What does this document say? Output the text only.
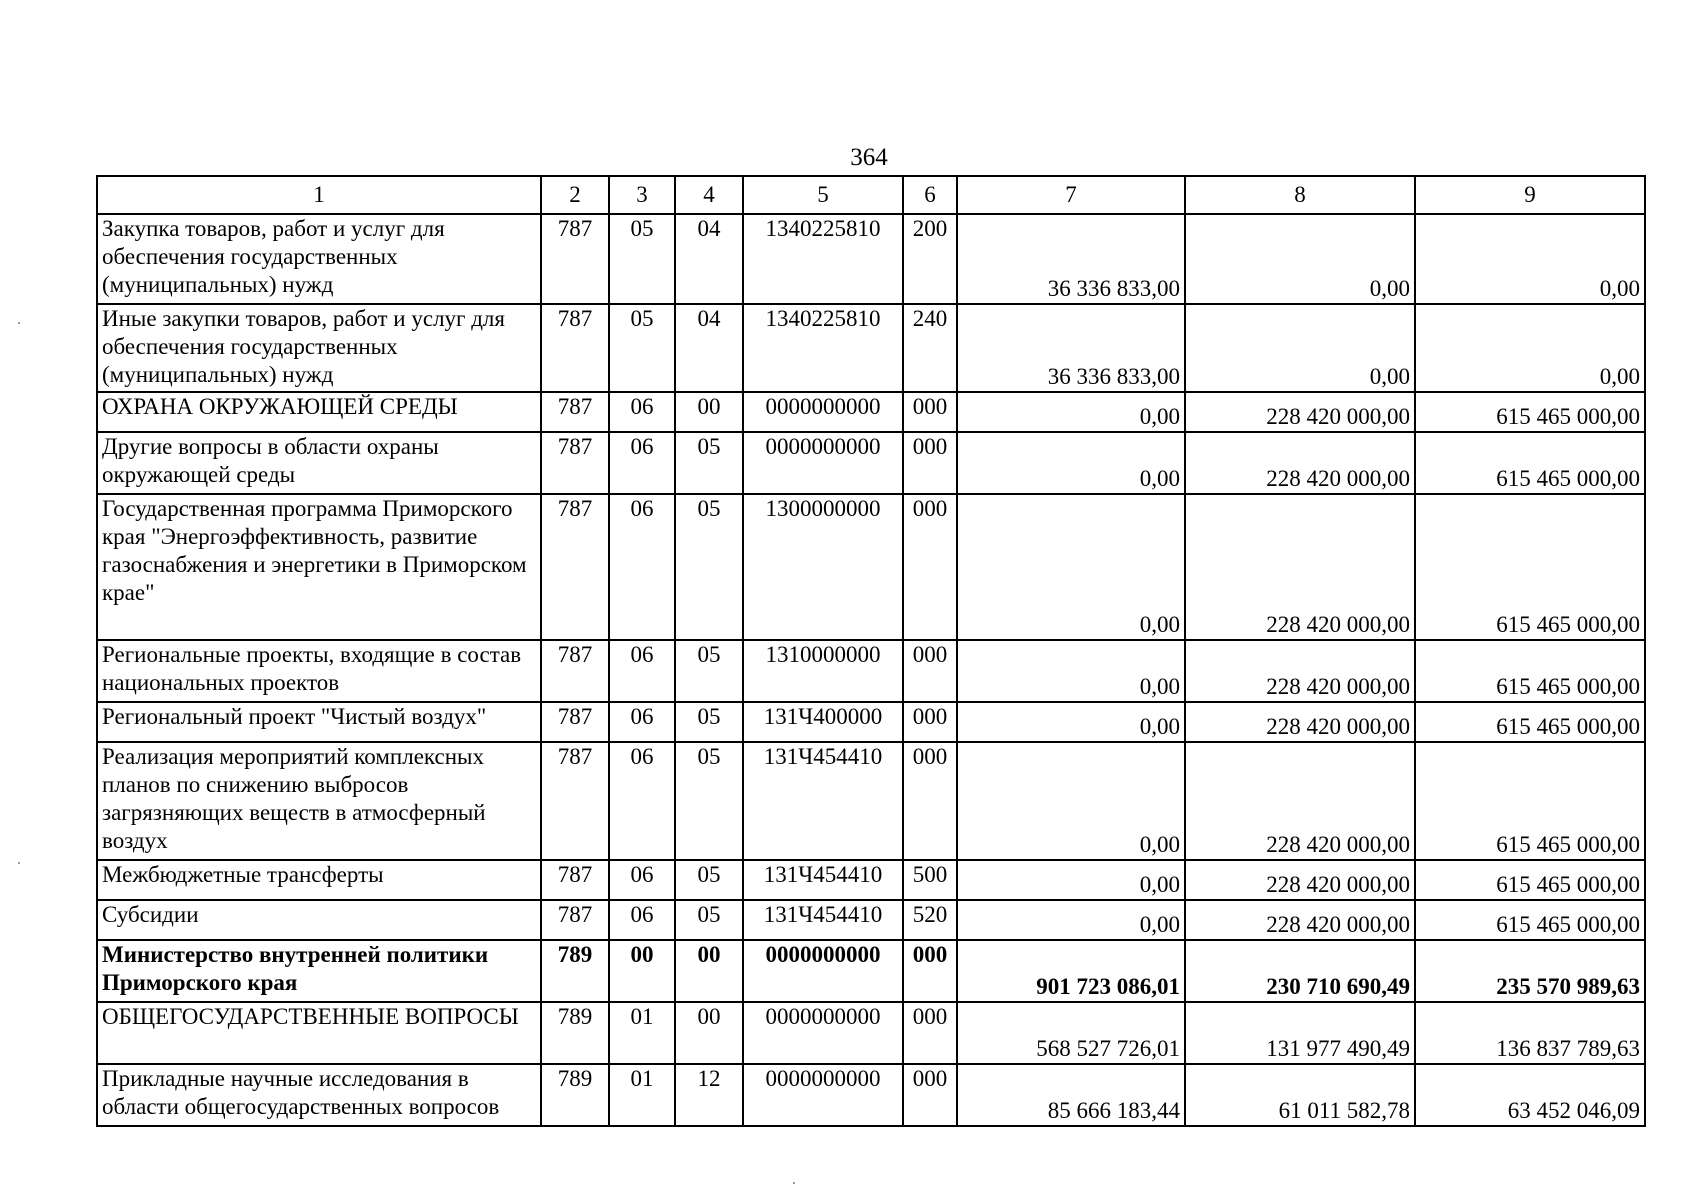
364
1	2	3	4	5	6	7	8	9
Закупка товаров, работ и услуг для обеспечения государственных (муниципальных) нужд	787	05	04	1340225810	200	36 336 833,00	0,00	0,00
Иные закупки товаров, работ и услуг для обеспечения государственных (муниципальных) нужд	787	05	04	1340225810	240	36 336 833,00	0,00	0,00
ОХРАНА ОКРУЖАЮЩЕЙ СРЕДЫ	787	06	00	0000000000	000	0,00	228 420 000,00	615 465 000,00
Другие вопросы в области охраны окружающей среды	787	06	05	0000000000	000	0,00	228 420 000,00	615 465 000,00
Государственная программа Приморского края "Энергоэффективность, развитие газоснабжения и энергетики в Приморском крае"	787	06	05	1300000000	000	0,00	228 420 000,00	615 465 000,00
Региональные проекты, входящие в состав национальных проектов	787	06	05	1310000000	000	0,00	228 420 000,00	615 465 000,00
Региональный проект "Чистый воздух"	787	06	05	131Ч400000	000	0,00	228 420 000,00	615 465 000,00
Реализация мероприятий комплексных планов по снижению выбросов загрязняющих веществ в атмосферный воздух	787	06	05	131Ч454410	000	0,00	228 420 000,00	615 465 000,00
Межбюджетные трансферты	787	06	05	131Ч454410	500	0,00	228 420 000,00	615 465 000,00
Субсидии	787	06	05	131Ч454410	520	0,00	228 420 000,00	615 465 000,00
Министерство внутренней политики Приморского края	789	00	00	0000000000	000	901 723 086,01	230 710 690,49	235 570 989,63
ОБЩЕГОСУДАРСТВЕННЫЕ ВОПРОСЫ	789	01	00	0000000000	000	568 527 726,01	131 977 490,49	136 837 789,63
Прикладные научные исследования в области общегосударственных вопросов	789	01	12	0000000000	000	85 666 183,44	61 011 582,78	63 452 046,09
